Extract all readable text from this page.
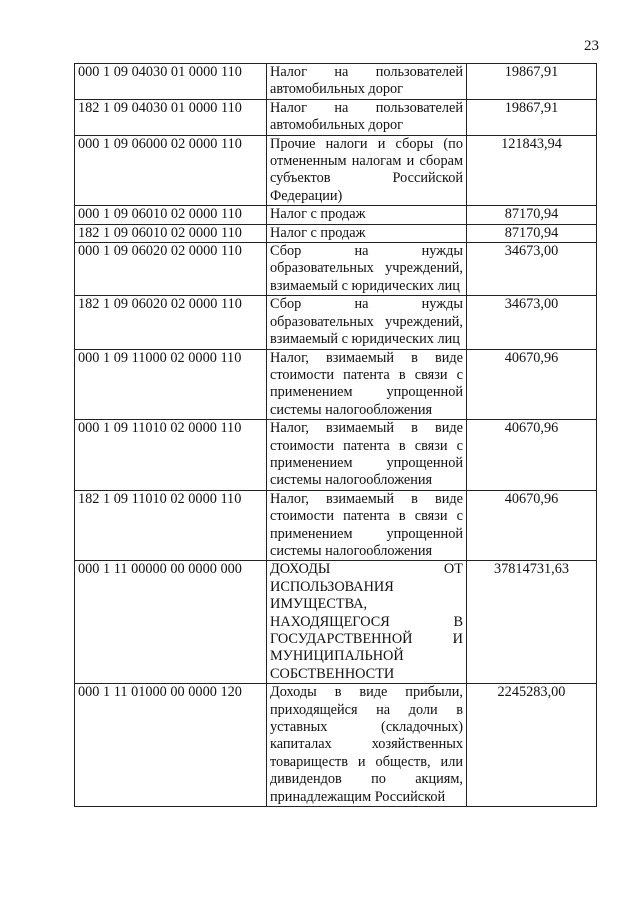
23
000 1 09 04030 01 0000 110	Налог на пользователей автомобильных дорог	19867,91
182 1 09 04030 01 0000 110	Налог на пользователей автомобильных дорог	19867,91
000 1 09 06000 02 0000 110	Прочие налоги и сборы (по отмененным налогам и сборам субъектов Российской Федерации)	121843,94
000 1 09 06010 02 0000 110	Налог с продаж	87170,94
182 1 09 06010 02 0000 110	Налог с продаж	87170,94
000 1 09 06020 02 0000 110	Сбор на нужды образовательных учреждений, взимаемый с юридических лиц	34673,00
182 1 09 06020 02 0000 110	Сбор на нужды образовательных учреждений, взимаемый с юридических лиц	34673,00
000 1 09 11000 02 0000 110	Налог, взимаемый в виде стоимости патента в связи с применением упрощенной системы налогообложения	40670,96
000 1 09 11010 02 0000 110	Налог, взимаемый в виде стоимости патента в связи с применением упрощенной системы налогообложения	40670,96
182 1 09 11010 02 0000 110	Налог, взимаемый в виде стоимости патента в связи с применением упрощенной системы налогообложения	40670,96
000 1 11 00000 00 0000 000	ДОХОДЫ ОТ ИСПОЛЬЗОВАНИЯ ИМУЩЕСТВА, НАХОДЯЩЕГОСЯ В ГОСУДАРСТВЕННОЙ И МУНИЦИПАЛЬНОЙ СОБСТВЕННОСТИ	37814731,63
000 1 11 01000 00 0000 120	Доходы в виде прибыли, приходящейся на доли в уставных (складочных) капиталах хозяйственных товариществ и обществ, или дивидендов по акциям, принадлежащим Российской	2245283,00
